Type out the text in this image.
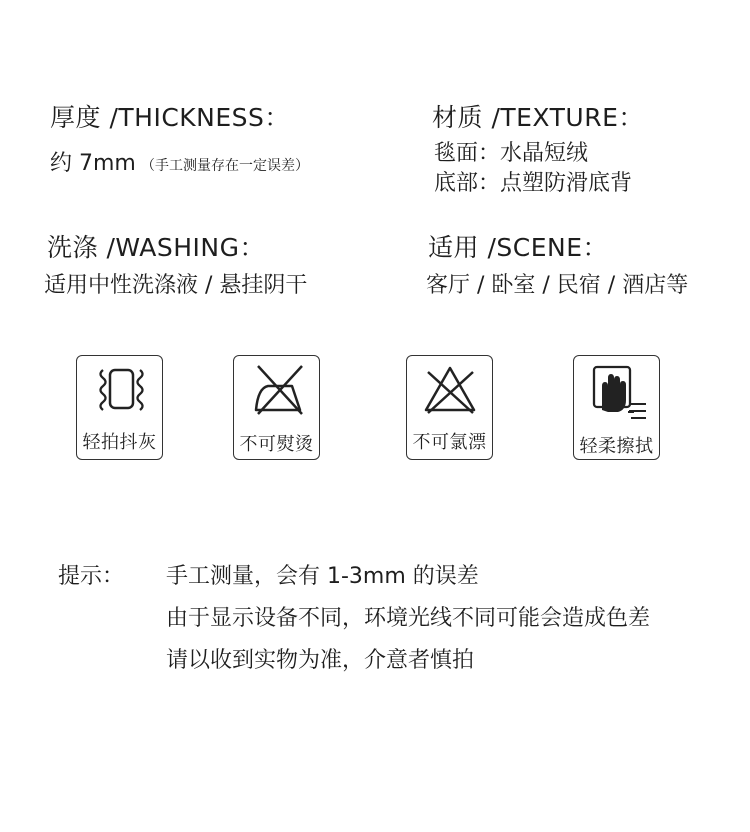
厚度 /THICKNESS：
约 7mm （手工测量存在一定误差）
材质 /TEXTURE：
毯面：水晶短绒
底部：点塑防滑底背
洗涤 /WASHING：
适用中性洗涤液 / 悬挂阴干
适用 /SCENE：
客厅 / 卧室 / 民宿 / 酒店等
轻拍抖灰	不可熨烫	不可氯漂	轻柔擦拭
提示： 手工测量，会有 1-3mm 的误差
由于显示设备不同，环境光线不同可能会造成色差
请以收到实物为准，介意者慎拍
